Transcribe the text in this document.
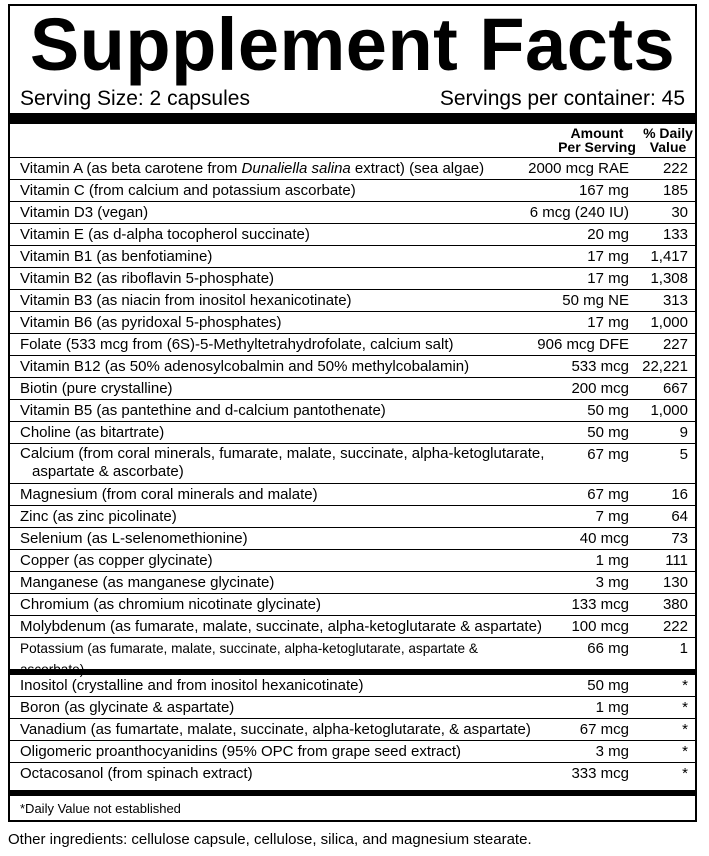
Supplement Facts
Serving Size: 2 capsules	Servings per container: 45
Amount
Per Serving
% Daily
Value
Vitamin A (as beta carotene from Dunaliella salina extract) (sea algae)	2000 mcg RAE 222
Vitamin C (from calcium and potassium ascorbate)	167 mg 185
Vitamin D3 (vegan)	6 mcg (240 IU)	30
Vitamin E (as d-alpha tocopherol succinate)	20 mg 133
Vitamin B1 (as benfotiamine)	17 mg 1,417
Vitamin B2 (as riboflavin 5-phosphate)	17 mg 1,308
Vitamin B3 (as niacin from inositol hexanicotinate)	50 mg NE 313
Vitamin B6 (as pyridoxal 5-phosphates)	17 mg 1,000
Folate (533 mcg from (6S)-5-Methyltetrahydrofolate, calcium salt)	906 mcg DFE 227
Vitamin B12 (as 50% adenosylcobalmin and 50% methylcobalamin)	533 mcg 22,221
Biotin (pure crystalline)	200 mcg 667
Vitamin B5 (as pantethine and d-calcium pantothenate)	50 mg 1,000
Choline (as bitartrate)	50 mg	9
Calcium (from coral minerals, fumarate, malate, succinate, alpha-ketoglutarate,
aspartate & ascorbate)
67 mg	5
Magnesium (from coral minerals and malate)	67 mg	16
Zinc (as zinc picolinate)	7 mg	64
Selenium (as L-selenomethionine)	40 mcg	73
Copper (as copper glycinate)	1 mg 111
Manganese (as manganese glycinate)	3 mg 130
Chromium (as chromium nicotinate glycinate)	133 mcg 380
Molybdenum (as fumarate, malate, succinate, alpha-ketoglutarate & aspartate) 100 mcg 222
Potassium (as fumarate, malate, succinate, alpha-ketoglutarate, aspartate &	66 mg	1
Inositol (crystalline and from inositol hexanicotinate)	50 mg	*
Boron (as glycinate & aspartate)	1 mg	*
Vanadium (as fumartate, malate, succinate, alpha-ketoglutarate, & aspartate)	67 mcg	*
Oligomeric proanthocyanidins (95% OPC from grape seed extract)	3 mg	*
Octacosanol (from spinach extract)	333 mcg	*
*Daily Value not established
Other ingredients: cellulose capsule, cellulose, silica, and magnesium stearate.
